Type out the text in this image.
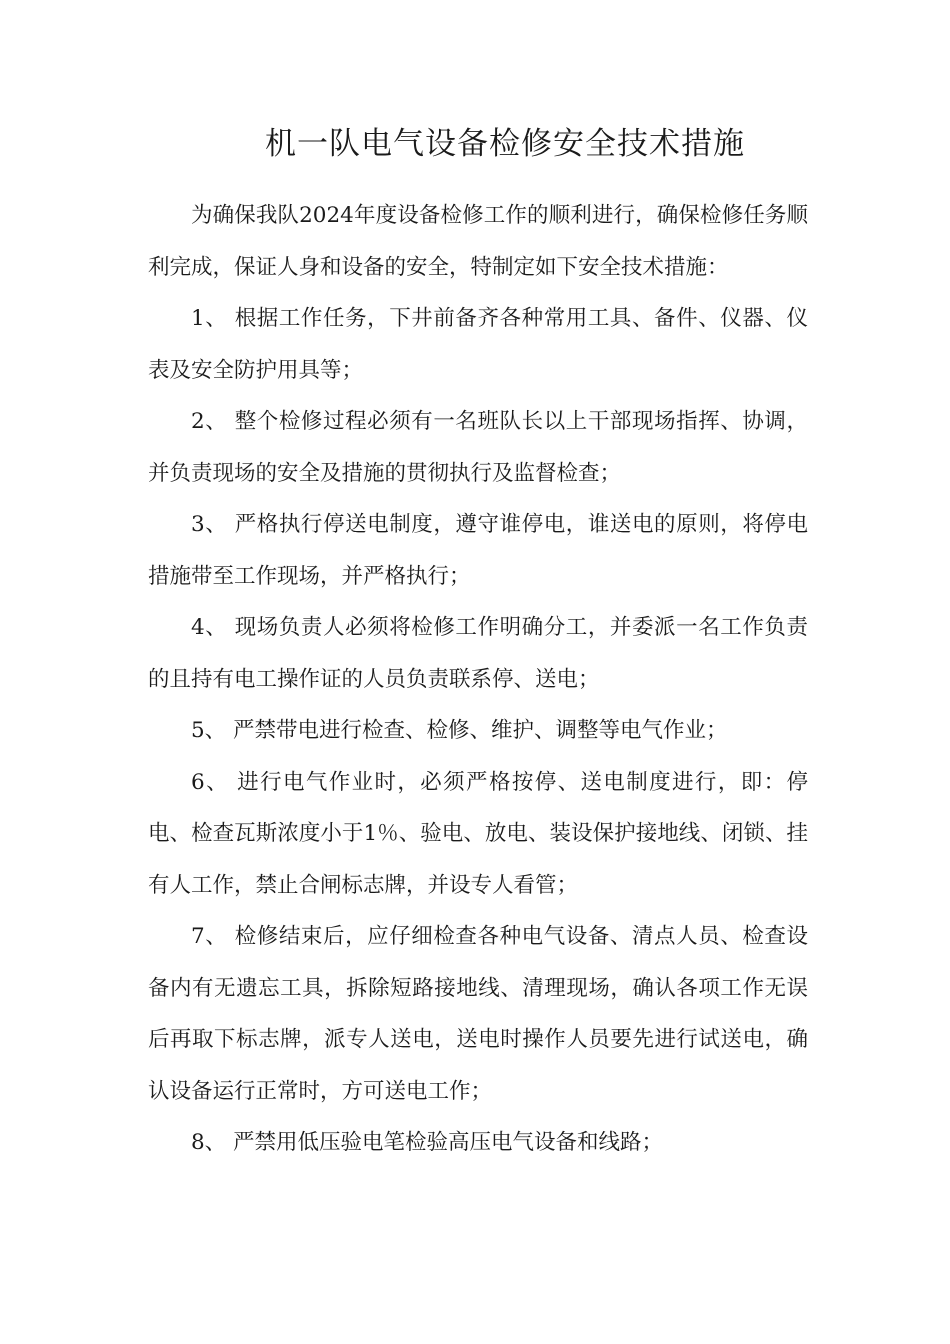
机一队电气设备检修安全技术措施

为确保我队2024年度设备检修工作的顺利进行，确保检修任务顺利完成，保证人身和设备的安全，特制定如下安全技术措施：

1、 根据工作任务，下井前备齐各种常用工具、备件、仪器、仪表及安全防护用具等；

2、 整个检修过程必须有一名班队长以上干部现场指挥、协调，并负责现场的安全及措施的贯彻执行及监督检查；

3、 严格执行停送电制度，遵守谁停电，谁送电的原则，将停电措施带至工作现场，并严格执行；

4、 现场负责人必须将检修工作明确分工，并委派一名工作负责的且持有电工操作证的人员负责联系停、送电；

5、 严禁带电进行检查、检修、维护、调整等电气作业；

6、 进行电气作业时，必须严格按停、送电制度进行，即：停电、检查瓦斯浓度小于1％、验电、放电、装设保护接地线、闭锁、挂有人工作，禁止合闸标志牌，并设专人看管；

7、 检修结束后，应仔细检查各种电气设备、清点人员、检查设备内有无遗忘工具，拆除短路接地线、清理现场，确认各项工作无误后再取下标志牌，派专人送电，送电时操作人员要先进行试送电，确认设备运行正常时，方可送电工作；

8、 严禁用低压验电笔检验高压电气设备和线路；
